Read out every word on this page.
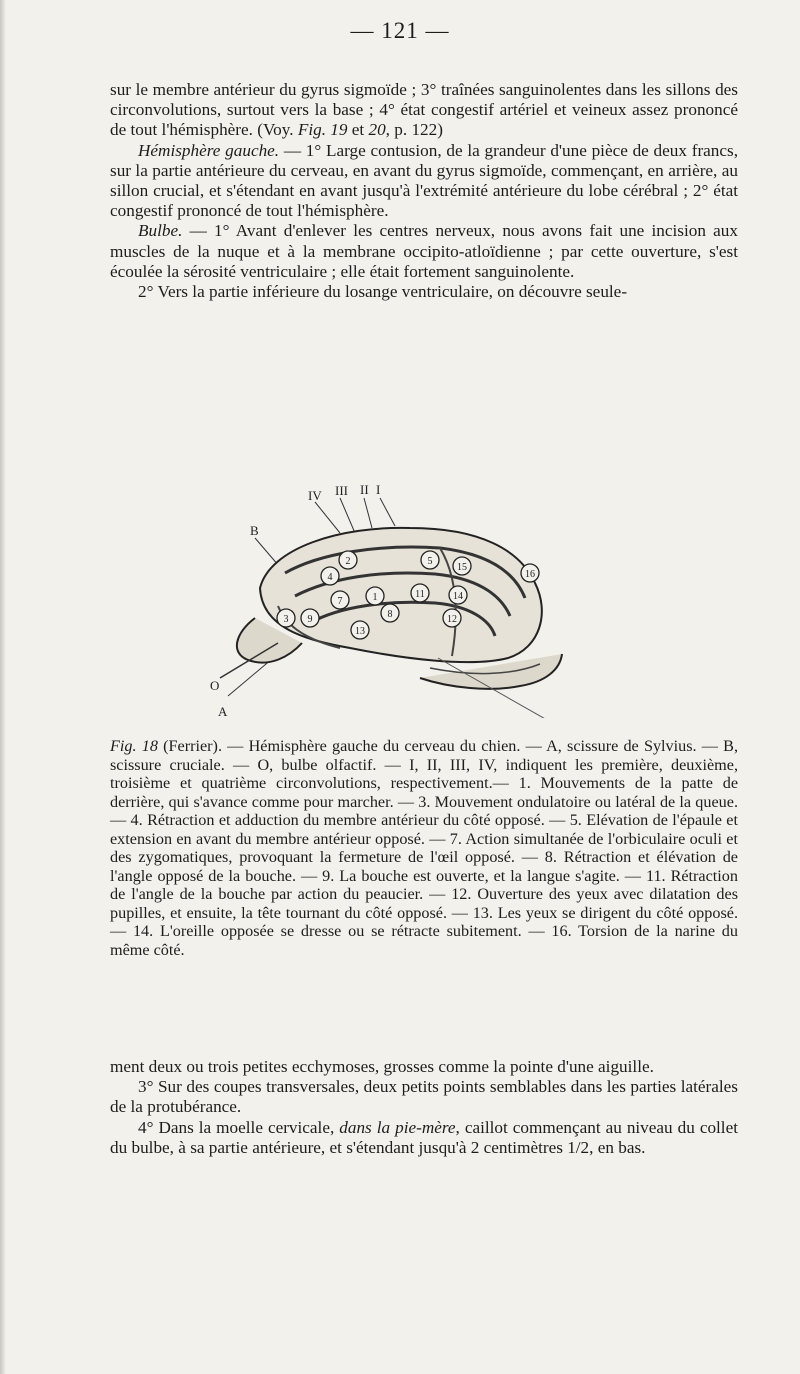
— 121 —

sur le membre antérieur du gyrus sigmoïde ; 3° traînées sanguinolentes dans les sillons des circonvolutions, surtout vers la base ; 4° état congestif artériel et veineux assez prononcé de tout l'hémisphère. (Voy. Fig. 19 et 20, p. 122)

Hémisphère gauche. — 1° Large contusion, de la grandeur d'une pièce de deux francs, sur la partie antérieure du cerveau, en avant du gyrus sigmoïde, commençant, en arrière, au sillon crucial, et s'étendant en avant jusqu'à l'extrémité antérieure du lobe cérébral ; 2° état congestif prononcé de tout l'hémisphère.

Bulbe. — 1° Avant d'enlever les centres nerveux, nous avons fait une incision aux muscles de la nuque et à la membrane occipito-atloïdienne ; par cette ouverture, s'est écoulée la sérosité ventriculaire ; elle était fortement sanguinolente.

2° Vers la partie inférieure du losange ventriculaire, on découvre seule-

IV III II I
B
O
A
5
16
4
2
7	1	11	14
8
9
13
12
3
15

Fig. 18 (Ferrier). — Hémisphère gauche du cerveau du chien. — A, scissure de Sylvius. — B, scissure cruciale. — O, bulbe olfactif. — I, II, III, IV, indiquent les première, deuxième, troisième et quatrième circonvolutions, respectivement.— 1. Mouvements de la patte de derrière, qui s'avance comme pour marcher. — 3. Mouvement ondulatoire ou latéral de la queue. — 4. Rétraction et adduction du membre antérieur du côté opposé. — 5. Elévation de l'épaule et extension en avant du membre antérieur opposé. — 7. Action simultanée de l'orbiculaire oculi et des zygomatiques, provoquant la fermeture de l'œil opposé. — 8. Rétraction et élévation de l'angle opposé de la bouche. — 9. La bouche est ouverte, et la langue s'agite. — 11. Rétraction de l'angle de la bouche par action du peaucier. — 12. Ouverture des yeux avec dilatation des pupilles, et ensuite, la tête tournant du côté opposé. — 13. Les yeux se dirigent du côté opposé. — 14. L'oreille opposée se dresse ou se rétracte subitement. — 16. Torsion de la narine du même côté.

ment deux ou trois petites ecchymoses, grosses comme la pointe d'une aiguille.

3° Sur des coupes transversales, deux petits points semblables dans les parties latérales de la protubérance.

4° Dans la moelle cervicale, dans la pie-mère, caillot commençant au niveau du collet du bulbe, à sa partie antérieure, et s'étendant jusqu'à 2 centimètres 1/2, en bas.
